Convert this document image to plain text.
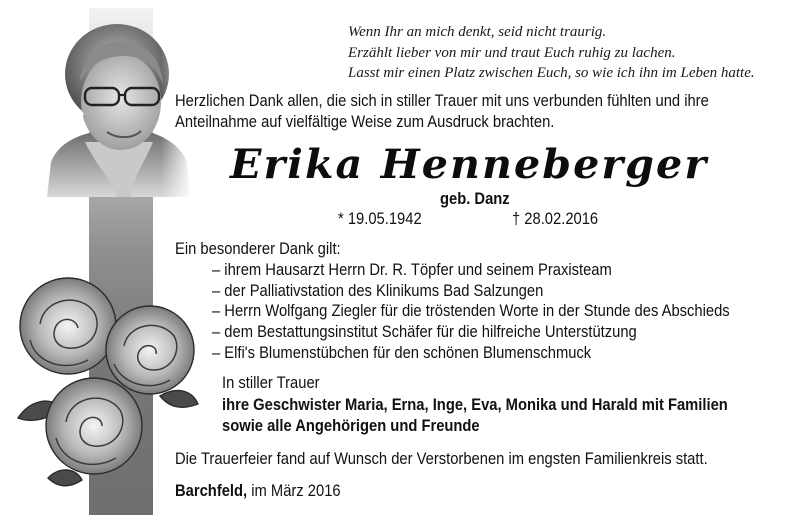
Wenn Ihr an mich denkt, seid nicht traurig.

Erzählt lieber von mir und traut Euch ruhig zu lachen.

Lasst mir einen Platz zwischen Euch, so wie ich ihn im Leben hatte.

Herzlichen Dank allen, die sich in stiller Trauer mit uns verbunden fühlten und ihre

Anteilnahme auf vielfältige Weise zum Ausdruck brachten.

Erika Henneberger

geb. Danz

* 19.05.1942	† 28.02.2016

Ein besonderer Dank gilt:

– ihrem Hausarzt Herrn Dr. R. Töpfer und seinem Praxisteam
– der Palliativstation des Klinikums Bad Salzungen
– Herrn Wolfgang Ziegler für die tröstenden Worte in der Stunde des Abschieds
– dem Bestattungsinstitut Schäfer für die hilfreiche Unterstützung
– Elfi's Blumenstübchen für den schönen Blumenschmuck

In stiller Trauer

ihre Geschwister Maria, Erna, Inge, Eva, Monika und Harald mit Familien

sowie alle Angehörigen und Freunde

Die Trauerfeier fand auf Wunsch der Verstorbenen im engsten Familienkreis statt.

Barchfeld, im März 2016
